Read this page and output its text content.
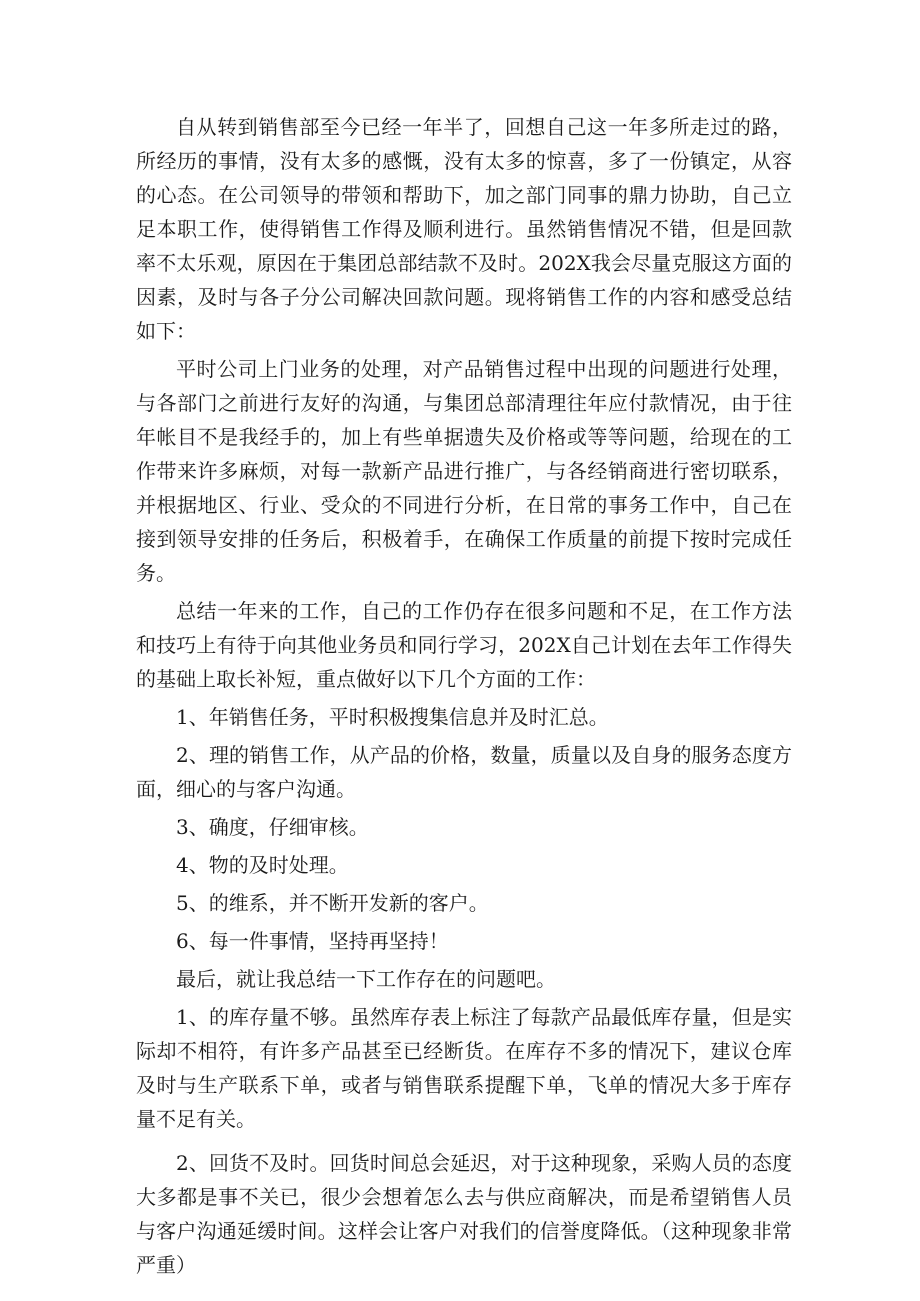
自从转到销售部至今已经一年半了，回想自己这一年多所走过的路，所经历的事情，没有太多的感慨，没有太多的惊喜，多了一份镇定，从容的心态。在公司领导的带领和帮助下，加之部门同事的鼎力协助，自己立足本职工作，使得销售工作得及顺利进行。虽然销售情况不错，但是回款率不太乐观，原因在于集团总部结款不及时。202X我会尽量克服这方面的因素，及时与各子分公司解决回款问题。现将销售工作的内容和感受总结如下：

平时公司上门业务的处理，对产品销售过程中出现的问题进行处理，与各部门之前进行友好的沟通，与集团总部清理往年应付款情况，由于往年帐目不是我经手的，加上有些单据遗失及价格或等等问题，给现在的工作带来许多麻烦，对每一款新产品进行推广，与各经销商进行密切联系，并根据地区、行业、受众的不同进行分析，在日常的事务工作中，自己在接到领导安排的任务后，积极着手，在确保工作质量的前提下按时完成任务。

总结一年来的工作，自己的工作仍存在很多问题和不足，在工作方法和技巧上有待于向其他业务员和同行学习，202X自己计划在去年工作得失的基础上取长补短，重点做好以下几个方面的工作：

1、年销售任务，平时积极搜集信息并及时汇总。

2、理的销售工作，从产品的价格，数量，质量以及自身的服务态度方面，细心的与客户沟通。

3、确度，仔细审核。

4、物的及时处理。

5、的维系，并不断开发新的客户。

6、每一件事情，坚持再坚持！

最后，就让我总结一下工作存在的问题吧。

1、的库存量不够。虽然库存表上标注了每款产品最低库存量，但是实际却不相符，有许多产品甚至已经断货。在库存不多的情况下，建议仓库及时与生产联系下单，或者与销售联系提醒下单，飞单的情况大多于库存量不足有关。

2、回货不及时。回货时间总会延迟，对于这种现象，采购人员的态度大多都是事不关已，很少会想着怎么去与供应商解决，而是希望销售人员与客户沟通延缓时间。这样会让客户对我们的信誉度降低。（这种现象非常严重）
